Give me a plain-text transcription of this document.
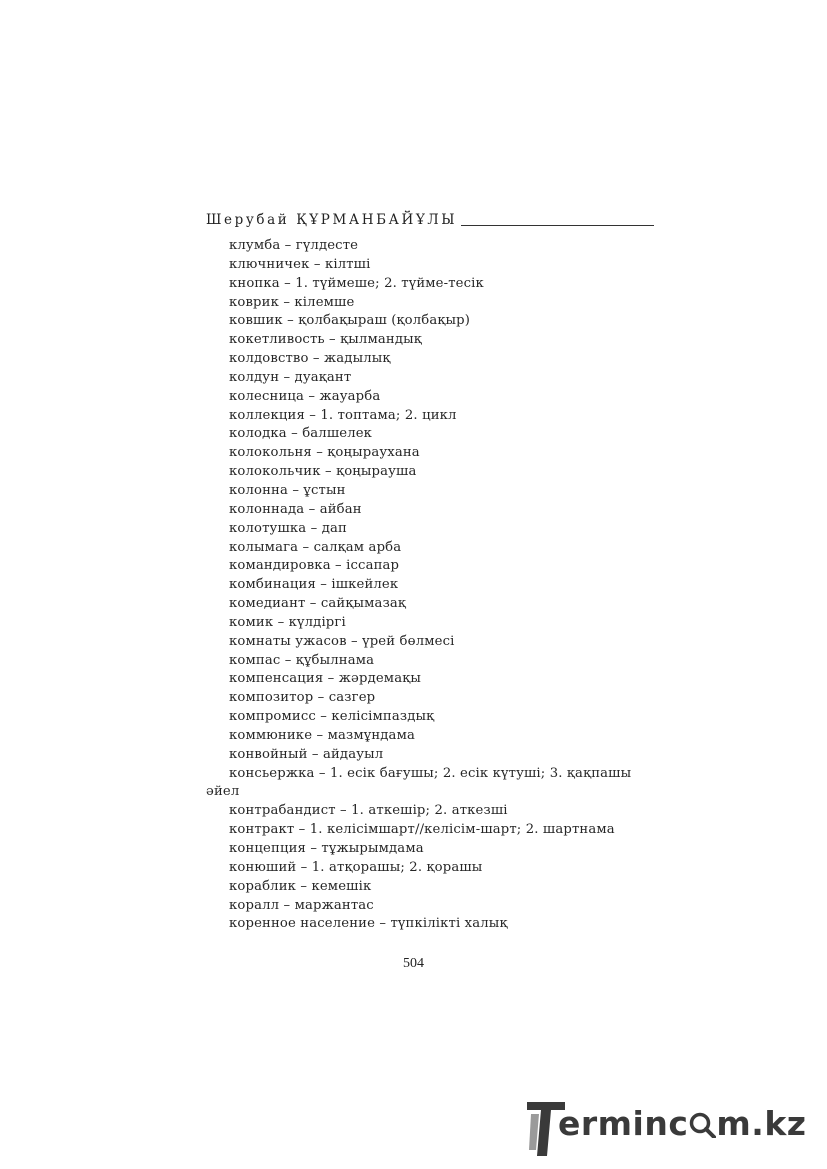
Шерубай ҚҰРМАНБАЙҰЛЫ
клумба – гүлдесте
ключничек – кілтші
кнопка – 1. түймеше; 2. түйме-тесік
коврик – кілемше
ковшик – қолбақыраш (қолбақыр)
кокетливость – қылмандық
колдовство – жадылық
колдун – дуақант
колесница – жауарба
коллекция – 1. топтама; 2. цикл
колодка – балшелек
колокольня – қоңыраухана
колокольчик – қоңырауша
колонна – ұстын
колоннада – айбан
колотушка – дап
колымага – салқам арба
командировка – іссапар
комбинация – ішкейлек
комедиант – сайқымазақ
комик – күлдіргі
комнаты ужасов – үрей бөлмесі
компас – құбылнама
компенсация – жәрдемақы
композитор – сазгер
компромисс – келісімпаздық
коммюнике – мазмұндама
конвойный – айдауыл
консьержка – 1. есік бағушы; 2. есік күтуші; 3. қақпашы әйел
контрабандист – 1. аткешір; 2. аткезші
контракт – 1. келісімшарт//келісім-шарт; 2. шартнама
концепция – тұжырымдама
конюший – 1. атқорашы; 2. қорашы
кораблик – кемешік
коралл – маржантас
коренное население – түпкілікті халық
504
erminc m.kz
